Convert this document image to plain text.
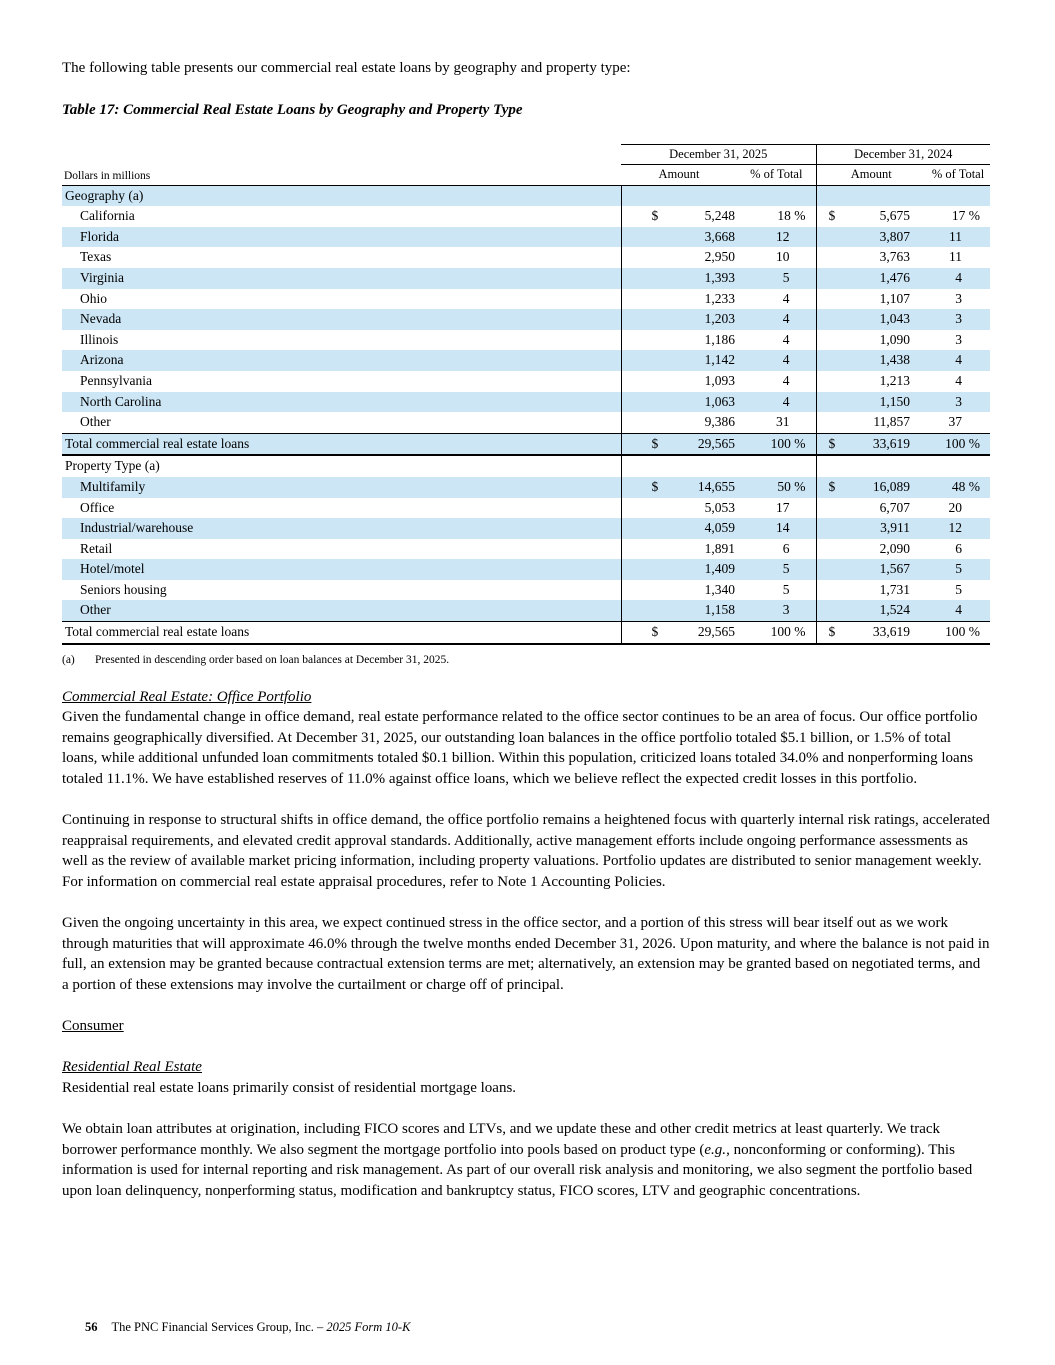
The following table presents our commercial real estate loans by geography and property type:

Table 17: Commercial Real Estate Loans by Geography and Property Type

	December 31, 2025			December 31, 2024		
Dollars in millions	Amount		% of Total	Amount		% of Total
Geography (a)						
California	$	5,248	18 %	$	5,675	17 %
Florida		3,668	12		3,807	11
Texas		2,950	10		3,763	11
Virginia		1,393	5		1,476	4
Ohio		1,233	4		1,107	3
Nevada		1,203	4		1,043	3
Illinois		1,186	4		1,090	3
Arizona		1,142	4		1,438	4
Pennsylvania		1,093	4		1,213	4
North Carolina		1,063	4		1,150	3
Other		9,386	31		11,857	37
Total commercial real estate loans	$	29,565	100 %	$	33,619	100 %
Property Type (a)						
Multifamily	$	14,655	50 %	$	16,089	48 %
Office		5,053	17		6,707	20
Industrial/warehouse		4,059	14		3,911	12
Retail		1,891	6		2,090	6
Hotel/motel		1,409	5		1,567	5
Seniors housing		1,340	5		1,731	5
Other		1,158	3		1,524	4
Total commercial real estate loans	$	29,565	100 %	$	33,619	100 %
(a)	Presented in descending order based on loan balances at December 31, 2025.

Commercial Real Estate: Office Portfolio

Given the fundamental change in office demand, real estate performance related to the office sector continues to be an area of focus. Our office portfolio remains geographically diversified. At December 31, 2025, our outstanding loan balances in the office portfolio totaled $5.1 billion, or 1.5% of total loans, while additional unfunded loan commitments totaled $0.1 billion. Within this population, criticized loans totaled 34.0% and nonperforming loans totaled 11.1%. We have established reserves of 11.0% against office loans, which we believe reflect the expected credit losses in this portfolio.

Continuing in response to structural shifts in office demand, the office portfolio remains a heightened focus with quarterly internal risk ratings, accelerated reappraisal requirements, and elevated credit approval standards. Additionally, active management efforts include ongoing performance assessments as well as the review of available market pricing information, including property valuations. Portfolio updates are distributed to senior management weekly. For information on commercial real estate appraisal procedures, refer to Note 1 Accounting Policies.

Given the ongoing uncertainty in this area, we expect continued stress in the office sector, and a portion of this stress will bear itself out as we work through maturities that will approximate 46.0% through the twelve months ended December 31, 2026. Upon maturity, and where the balance is not paid in full, an extension may be granted because contractual extension terms are met; alternatively, an extension may be granted based on negotiated terms, and a portion of these extensions may involve the curtailment or charge off of principal.

Consumer

Residential Real Estate

Residential real estate loans primarily consist of residential mortgage loans.

We obtain loan attributes at origination, including FICO scores and LTVs, and we update these and other credit metrics at least quarterly. We track borrower performance monthly. We also segment the mortgage portfolio into pools based on product type (e.g., nonconforming or conforming). This information is used for internal reporting and risk management. As part of our overall risk analysis and monitoring, we also segment the portfolio based upon loan delinquency, nonperforming status, modification and bankruptcy status, FICO scores, LTV and geographic concentrations.

56 The PNC Financial Services Group, Inc. – 2025 Form 10-K
